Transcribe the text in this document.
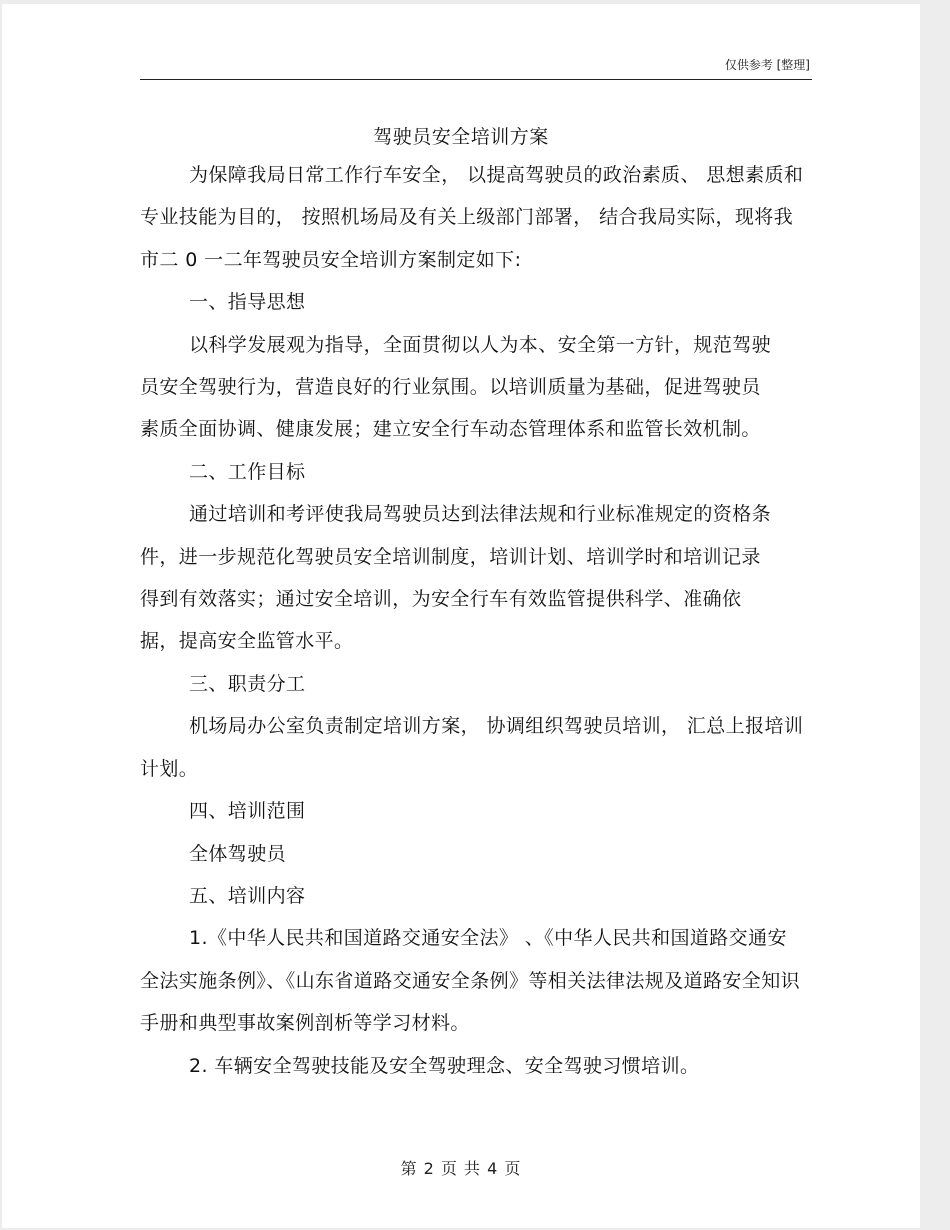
仅供参考 [整理]
驾驶员安全培训方案

为保障我局日常工作行车安全， 以提高驾驶员的政治素质、 思想素质和专业技能为目的， 按照机场局及有关上级部门部署， 结合我局实际，现将我市二 0 一二年驾驶员安全培训方案制定如下:

一、指导思想

以科学发展观为指导，全面贯彻以人为本、安全第一方针，规范驾驶员安全驾驶行为，营造良好的行业氛围。以培训质量为基础，促进驾驶员素质全面协调、健康发展；建立安全行车动态管理体系和监管长效机制。

二、工作目标

通过培训和考评使我局驾驶员达到法律法规和行业标准规定的资格条件，进一步规范化驾驶员安全培训制度，培训计划、培训学时和培训记录得到有效落实；通过安全培训，为安全行车有效监管提供科学、准确依据，提高安全监管水平。

三、职责分工

机场局办公室负责制定培训方案， 协调组织驾驶员培训， 汇总上报培训计划。

四、培训范围

全体驾驶员

五、培训内容

1.《中华人民共和国道路交通安全法》 、《中华人民共和国道路交通安全法实施条例》、《山东省道路交通安全条例》等相关法律法规及道路安全知识手册和典型事故案例剖析等学习材料。

2. 车辆安全驾驶技能及安全驾驶理念、安全驾驶习惯培训。

第 2 页 共 4 页
